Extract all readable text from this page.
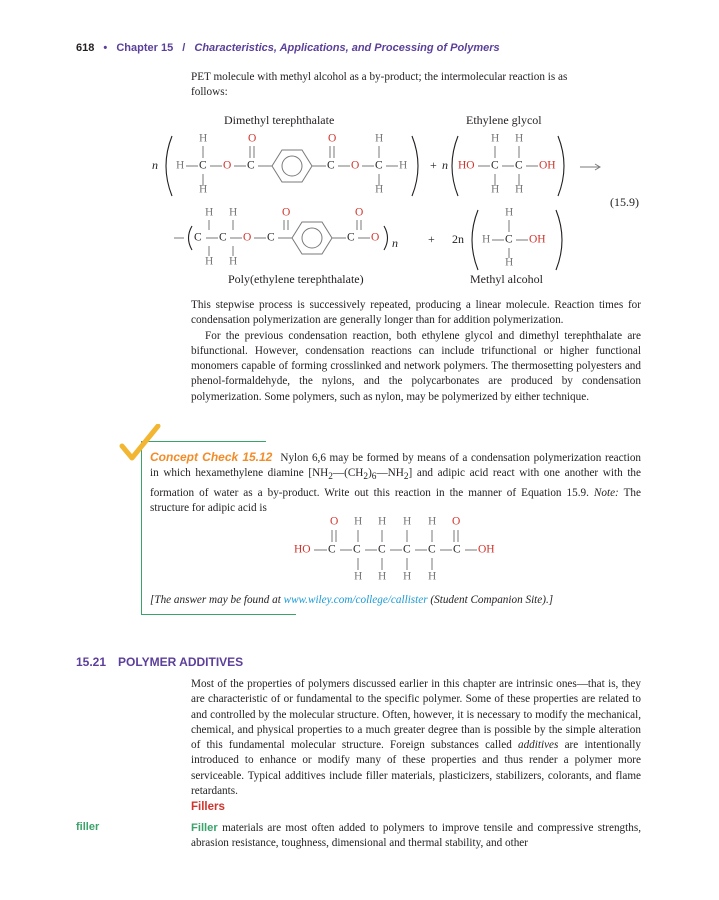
618 • Chapter 15 / Characteristics, Applications, and Processing of Polymers

PET molecule with methyl alcohol as a by-product; the intermolecular reaction is as

follows:

Dimethyl terephthalate	Ethylene glycol
n H C
H
H
O C
O
C
O
O C
H
H
H + n HO C
H
H
C
H
H
OH
(15.9)
H H	O	O
C C O C	C O n
H H
+ 2n H C
H
H
OH
Poly(ethylene terephthalate)	Methyl alcohol

This stepwise process is successively repeated, producing a linear molecule. Reaction times for condensation polymerization are generally longer than for addition polymerization.

For the previous condensation reaction, both ethylene glycol and dimethyl terephthalate are bifunctional. However, condensation reactions can include trifunctional or higher functional monomers capable of forming crosslinked and network polymers. The thermosetting polyesters and phenol-formaldehyde, the nylons, and the polycarbonates are produced by condensation polymerization. Some polymers, such as nylon, may be polymerized by either technique.

Concept Check 15.12 Nylon 6,6 may be formed by means of a condensation polymerization reaction in which hexamethylene diamine $[NH_2—(CH_2)_6—NH_2]$ and adipic acid react with one another with the formation of water as a by-product. Write out this reaction in the manner of Equation 15.9. Note: The structure for adipic acid is
O H H H H O
HO C C C C C C OH
H H H H
[The answer may be found at www.wiley.com/college/callister (Student Companion Site).]
15.21 POLYMER ADDITIVES

Most of the properties of polymers discussed earlier in this chapter are intrinsic ones—that is, they are characteristic of or fundamental to the specific polymer. Some of these properties are related to and controlled by the molecular structure. Often, however, it is necessary to modify the mechanical, chemical, and physical properties to a much greater degree than is possible by the simple alteration of this fundamental molecular structure. Foreign substances called additives are intentionally introduced to enhance or modify many of these properties and thus render a polymer more serviceable. Typical additives include filler materials, plasticizers, stabilizers, colorants, and flame retardants.

Fillers
filler	Filler materials are most often added to polymers to improve tensile and compressive strengths, abrasion resistance, toughness, dimensional and thermal stability, and other
